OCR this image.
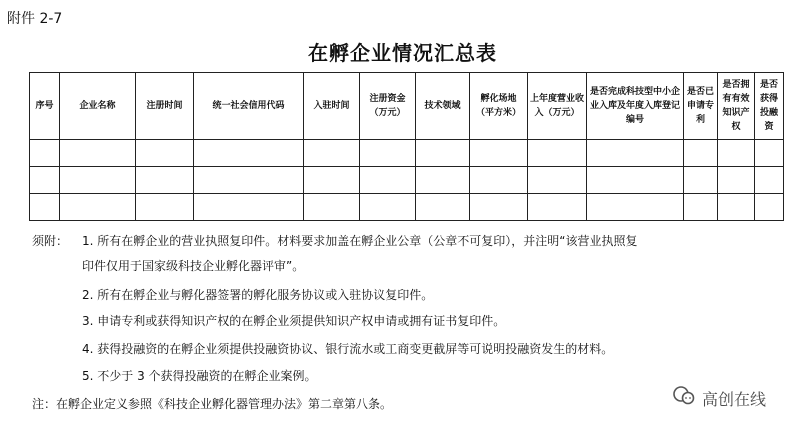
附件 2-7
在孵企业情况汇总表
序号	企业名称	注册时间	统一社会信用代码	入驻时间	注册资金（万元）	技术领域	孵化场地（平方米）	上年度营业收入（万元）	是否完成科技型中小企业入库及年度入库登记编号	是否已申请专利	是否拥有有效知识产权	是否获得投融资

须附： 1. 所有在孵企业的营业执照复印件。材料要求加盖在孵企业公章（公章不可复印），并注明“该营业执照复
印件仅用于国家级科技企业孵化器评审”。
2. 所有在孵企业与孵化器签署的孵化服务协议或入驻协议复印件。
3. 申请专利或获得知识产权的在孵企业须提供知识产权申请或拥有证书复印件。
4. 获得投融资的在孵企业须提供投融资协议、银行流水或工商变更截屏等可说明投融资发生的材料。
5. 不少于 3 个获得投融资的在孵企业案例。
注：在孵企业定义参照《科技企业孵化器管理办法》第二章第八条。	高创在线
